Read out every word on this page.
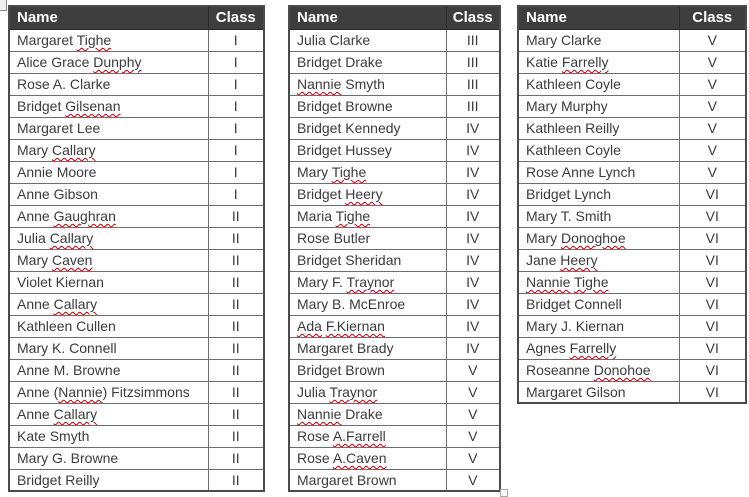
Name	Class
Margaret Tighe	I
Alice Grace Dunphy	I
Rose A. Clarke	I
Bridget Gilsenan	I
Margaret Lee	I
Mary Callary	I
Annie Moore	I
Anne Gibson	I
Anne Gaughran	II
Julia Callary	II
Mary Caven	II
Violet Kiernan	II
Anne Callary	II
Kathleen Cullen	II
Mary K. Connell	II
Anne M. Browne	II
Anne (Nannie) Fitzsimmons	II
Anne Callary	II
Kate Smyth	II
Mary G. Browne	II
Bridget Reilly	II
Name	Class
Julia Clarke	III
Bridget Drake	III
Nannie Smyth	III
Bridget Browne	III
Bridget Kennedy	IV
Bridget Hussey	IV
Mary Tighe	IV
Bridget Heery	IV
Maria Tighe	IV
Rose Butler	IV
Bridget Sheridan	IV
Mary F. Traynor	IV
Mary B. McEnroe	IV
Ada F.Kiernan	IV
Margaret Brady	IV
Bridget Brown	V
Julia Traynor	V
Nannie Drake	V
Rose A.Farrell	V
Rose A.Caven	V
Margaret Brown	V
Name	Class
Mary Clarke	V
Katie Farrelly	V
Kathleen Coyle	V
Mary Murphy	V
Kathleen Reilly	V
Kathleen Coyle	V
Rose Anne Lynch	V
Bridget Lynch	VI
Mary T. Smith	VI
Mary Donoghoe	VI
Jane Heery	VI
Nannie Tighe	VI
Bridget Connell	VI
Mary J. Kiernan	VI
Agnes Farrelly	VI
Roseanne Donohoe	VI
Margaret Gilson	VI
